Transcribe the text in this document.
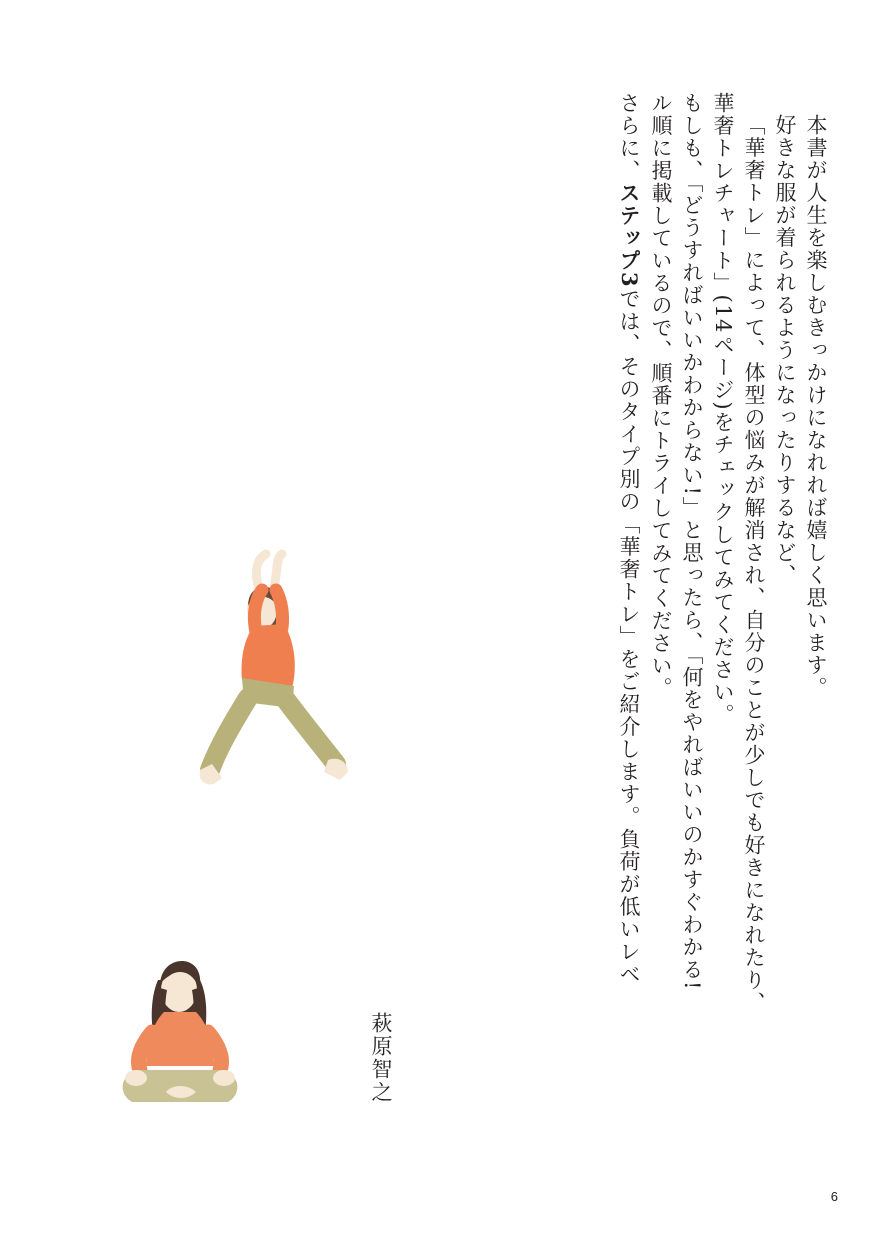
さらに、ステップ3では、そのタイプ別の「華奢トレ」をご紹介します。負荷が低いレベ ル順に掲載しているので、順番にトライしてみてください。 もしも、「どうすればいいかわからない!」と思ったら、「何をやればいいのかすぐわかる! 華奢トレチャート」(14ページ)をチェックしてみてください。 「華奢トレ」によって、体型の悩みが解消され、自分のことが少しでも好きになれたり、 好きな服が着られるようになったりするなど、 本書が人生を楽しむきっかけになれれば嬉しく思います。
萩原智之
6
